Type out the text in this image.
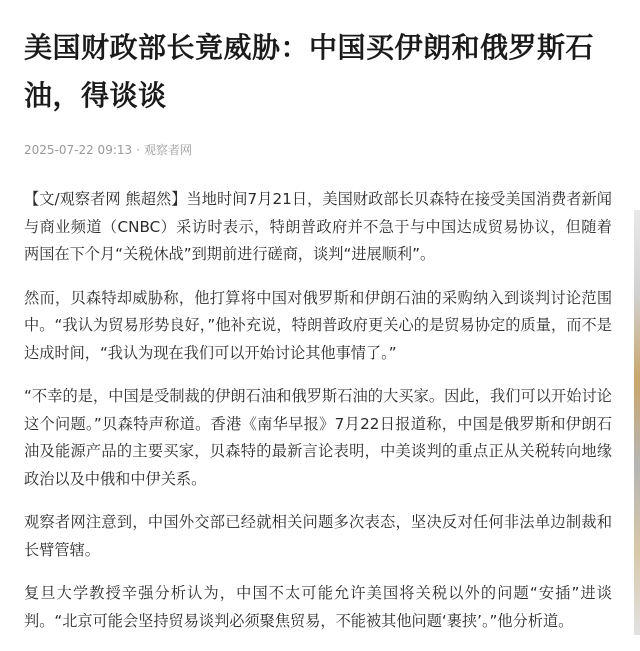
美国财政部长竟威胁：中国买伊朗和俄罗斯石油，得谈谈
2025-07-22 09:13 · 观察者网

【文/观察者网 熊超然】当地时间7月21日，美国财政部长贝森特在接受美国消费者新闻与商业频道（CNBC）采访时表示，特朗普政府并不急于与中国达成贸易协议，但随着两国在下个月“关税休战”到期前进行磋商，谈判“进展顺利”。

然而，贝森特却威胁称，他打算将中国对俄罗斯和伊朗石油的采购纳入到谈判讨论范围中。“我认为贸易形势良好，”他补充说，特朗普政府更关心的是贸易协定的质量，而不是达成时间，“我认为现在我们可以开始讨论其他事情了。”

“不幸的是，中国是受制裁的伊朗石油和俄罗斯石油的大买家。因此，我们可以开始讨论这个问题。”贝森特声称道。香港《南华早报》7月22日报道称，中国是俄罗斯和伊朗石油及能源产品的主要买家，贝森特的最新言论表明，中美谈判的重点正从关税转向地缘政治以及中俄和中伊关系。

观察者网注意到，中国外交部已经就相关问题多次表态，坚决反对任何非法单边制裁和长臂管辖。

复旦大学教授辛强分析认为，中国不太可能允许美国将关税以外的问题“安插”进谈判。“北京可能会坚持贸易谈判必须聚焦贸易，不能被其他问题‘裹挟’。”他分析道。
